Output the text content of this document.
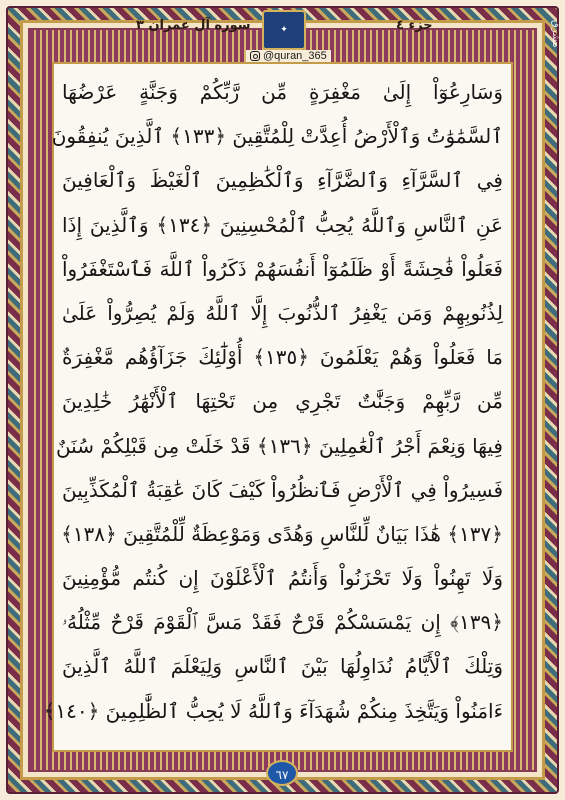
جزء ٤
✦
سوره آل عمران ٣
@quran_365
مشرق
وَسَارِعُوٓاْ إِلَىٰ مَغْفِرَةٍ مِّن رَّبِّكُمْ وَجَنَّةٍ عَرْضُهَا
ٱلسَّمَٰوَٰتُ وَٱلْأَرْضُ أُعِدَّتْ لِلْمُتَّقِينَ ﴿١٣٣﴾ ٱلَّذِينَ يُنفِقُونَ
فِي ٱلسَّرَّآءِ وَٱلضَّرَّآءِ وَٱلْكَٰظِمِينَ ٱلْغَيْظَ وَٱلْعَافِينَ
عَنِ ٱلنَّاسِ وَٱللَّهُ يُحِبُّ ٱلْمُحْسِنِينَ ﴿١٣٤﴾ وَٱلَّذِينَ إِذَا
فَعَلُواْ فَٰحِشَةً أَوْ ظَلَمُوٓاْ أَنفُسَهُمْ ذَكَرُواْ ٱللَّهَ فَٱسْتَغْفَرُواْ
لِذُنُوبِهِمْ وَمَن يَغْفِرُ ٱلذُّنُوبَ إِلَّا ٱللَّهُ وَلَمْ يُصِرُّواْ عَلَىٰ
مَا فَعَلُواْ وَهُمْ يَعْلَمُونَ ﴿١٣٥﴾ أُوْلَٰٓئِكَ جَزَآؤُهُم مَّغْفِرَةٌ
مِّن رَّبِّهِمْ وَجَنَّٰتٌ تَجْرِي مِن تَحْتِهَا ٱلْأَنْهَٰرُ خَٰلِدِينَ
فِيهَا وَنِعْمَ أَجْرُ ٱلْعَٰمِلِينَ ﴿١٣٦﴾ قَدْ خَلَتْ مِن قَبْلِكُمْ سُنَنٌ
فَسِيرُواْ فِي ٱلْأَرْضِ فَٱنظُرُواْ كَيْفَ كَانَ عَٰقِبَةُ ٱلْمُكَذِّبِينَ
﴿١٣٧﴾ هَٰذَا بَيَانٌ لِّلنَّاسِ وَهُدًى وَمَوْعِظَةٌ لِّلْمُتَّقِينَ ﴿١٣٨﴾
وَلَا تَهِنُواْ وَلَا تَحْزَنُواْ وَأَنتُمُ ٱلْأَعْلَوْنَ إِن كُنتُم مُّؤْمِنِينَ
﴿١٣٩﴾ إِن يَمْسَسْكُمْ قَرْحٌ فَقَدْ مَسَّ ٱلْقَوْمَ قَرْحٌ مِّثْلُهُۥ
وَتِلْكَ ٱلْأَيَّامُ نُدَاوِلُهَا بَيْنَ ٱلنَّاسِ وَلِيَعْلَمَ ٱللَّهُ ٱلَّذِينَ
ءَامَنُواْ وَيَتَّخِذَ مِنكُمْ شُهَدَآءَ وَٱللَّهُ لَا يُحِبُّ ٱلظَّٰلِمِينَ ﴿١٤٠﴾
٦٧
